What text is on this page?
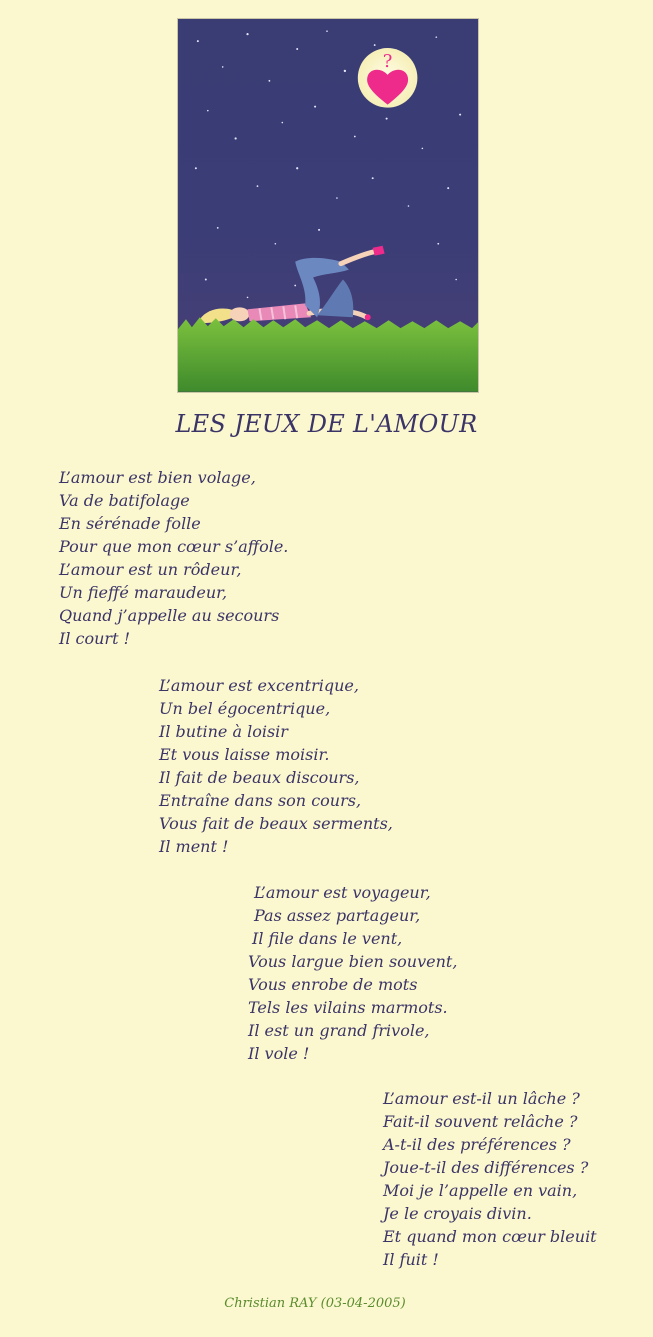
?
LES JEUX DE L'AMOUR
L’amour est bien volage,
Va de batifolage
En sérénade folle
Pour que mon cœur s’affole.
L’amour est un rôdeur,
Un fieffé maraudeur,
Quand j’appelle au secours
Il court !
L’amour est excentrique,
Un bel égocentrique,
Il butine à loisir
Et vous laisse moisir.
Il fait de beaux discours,
Entraîne dans son cours,
Vous fait de beaux serments,
Il ment !
L’amour est voyageur,
Pas assez partageur,
Il file dans le vent,
Vous largue bien souvent,
Vous enrobe de mots
Tels les vilains marmots.
Il est un grand frivole,
Il vole !
L’amour est-il un lâche ?
Fait-il souvent relâche ?
A-t-il des préférences ?
Joue-t-il des différences ?
Moi je l’appelle en vain,
Je le croyais divin.
Et quand mon cœur bleuit
Il fuit !
Christian RAY (03-04-2005)
